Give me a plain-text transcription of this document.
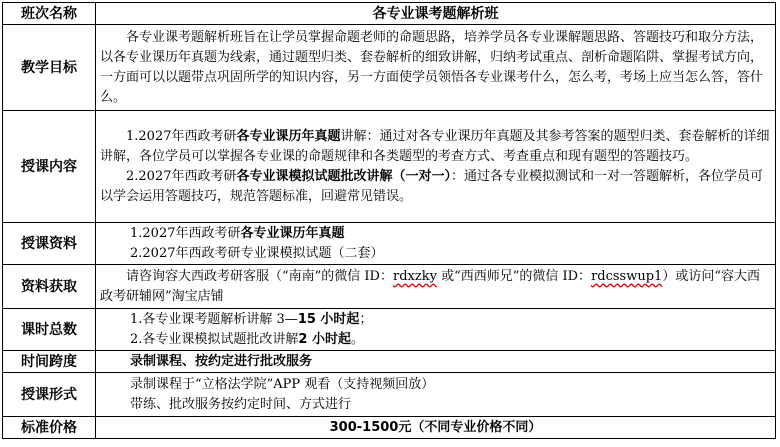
班次名称	各专业课考题解析班
教学目标	各专业课考题解析班旨在让学员掌握命题老师的命题思路，培养学员各专业课解题思路、答题技巧和取分方法，以各专业课历年真题为线索，通过题型归类、套卷解析的细致讲解，归纳考试重点、剖析命题陷阱、掌握考试方向，一方面可以以题带点巩固所学的知识内容，另一方面使学员领悟各专业课考什么，怎么考，考场上应当怎么答，答什么。

授课内容	1.2027年西政考研各专业课历年真题讲解：通过对各专业课历年真题及其参考答案的题型归类、套卷解析的详细讲解，各位学员可以掌握各专业课的命题规律和各类题型的考查方式、考查重点和现有题型的答题技巧。

2.2027年西政考研各专业课模拟试题批改讲解（一对一）：通过各专业模拟测试和一对一答题解析，各位学员可以学会运用答题技巧，规范答题标准，回避常见错误。

授课资料	1.2027年西政考研各专业课历年真题

2.2027年西政考研专业课模拟试题（二套）

资料获取	请咨询容大西政考研客服（“南南”的微信 ID：rdxzky 或“西西师兄”的微信 ID：rdcsswup1）或访问“容大西政考研辅网”淘宝店铺

课时总数	1.各专业课考题解析讲解 3—15 小时起；

2.各专业课模拟试题批改讲解2 小时起。

时间跨度	录制课程、按约定进行批改服务

授课形式	录制课程于“立格法学院”APP 观看（支持视频回放）

带练、批改服务按约定时间、方式进行

标准价格	300-1500元（不同专业价格不同）
